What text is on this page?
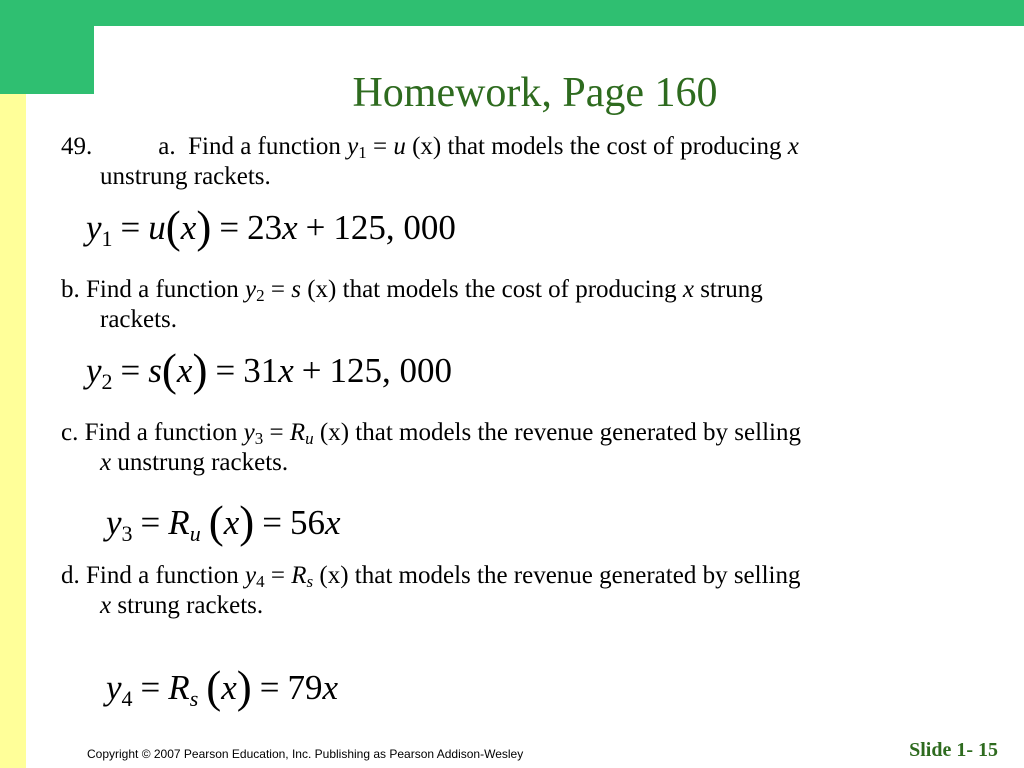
Homework, Page 160
49.	a. Find a function $y_1 = u$ (x) that models the cost of producing x
unstrung rackets.
$y_1 = u(x) = 23x + 125$, 000
b. Find a function $y_2 = s$ (x) that models the cost of producing x strung
rackets.
$y_2 = s(x) = 31x + 125$, 000
c. Find a function $y_3 = R_u$ (x) that models the revenue generated by selling
x unstrung rackets.
$y_3 = R_u$ (x) = 56x
d. Find a function $y_4 = R_s$ (x) that models the revenue generated by selling
x strung rackets.
$y_4 = R_s$ (x) = 79x
Copyright © 2007 Pearson Education, Inc. Publishing as Pearson Addison-Wesley	Slide 1- 15
